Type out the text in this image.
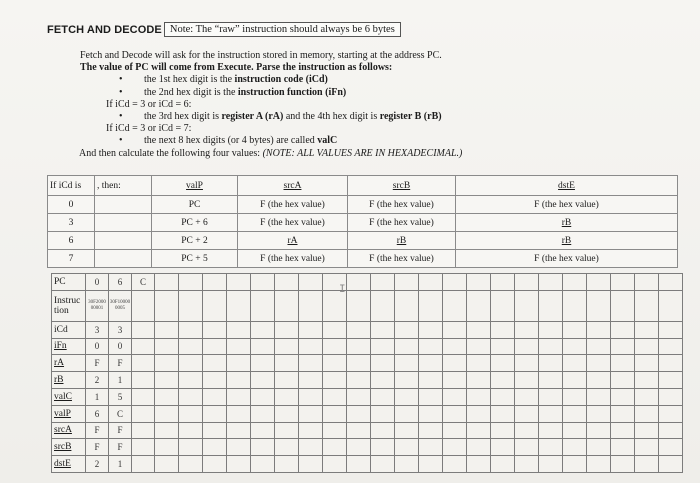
FETCH AND DECODE Note: The “raw” instruction should always be 6 bytes
Fetch and Decode will ask for the instruction stored in memory, starting at the address PC.
The value of PC will come from Execute. Parse the instruction as follows:
• the 1st hex digit is the instruction code (iCd)
• the 2nd hex digit is the instruction function (iFn)
If iCd = 3 or iCd = 6:
• the 3rd hex digit is register A (rA) and the 4th hex digit is register B (rB)
If iCd = 3 or iCd = 7:
• the next 8 hex digits (or 4 bytes) are called valC
And then calculate the following four values: (NOTE: ALL VALUES ARE IN HEXADECIMAL.)
If iCd is	, then:	valP	srcA	srcB	dstE
0		PC	F (the hex value)	F (the hex value)	F (the hex value)
3		PC + 6	F (the hex value)	F (the hex value)	rB
6		PC + 2	rA	rB	rB
7		PC + 5	F (the hex value)	F (the hex value)	F (the hex value)
PC	0	6	C																						
Instruc tion	30F2000 00001	30F10000 0005																							
iCd	3	3																							
iFn	0	0																							
rA	F	F																							
rB	2	1																							
valC	1	5																							
valP	6	C																							
srcA	F	F																							
srcB	F	F																							
dstE	2	1																							
I
